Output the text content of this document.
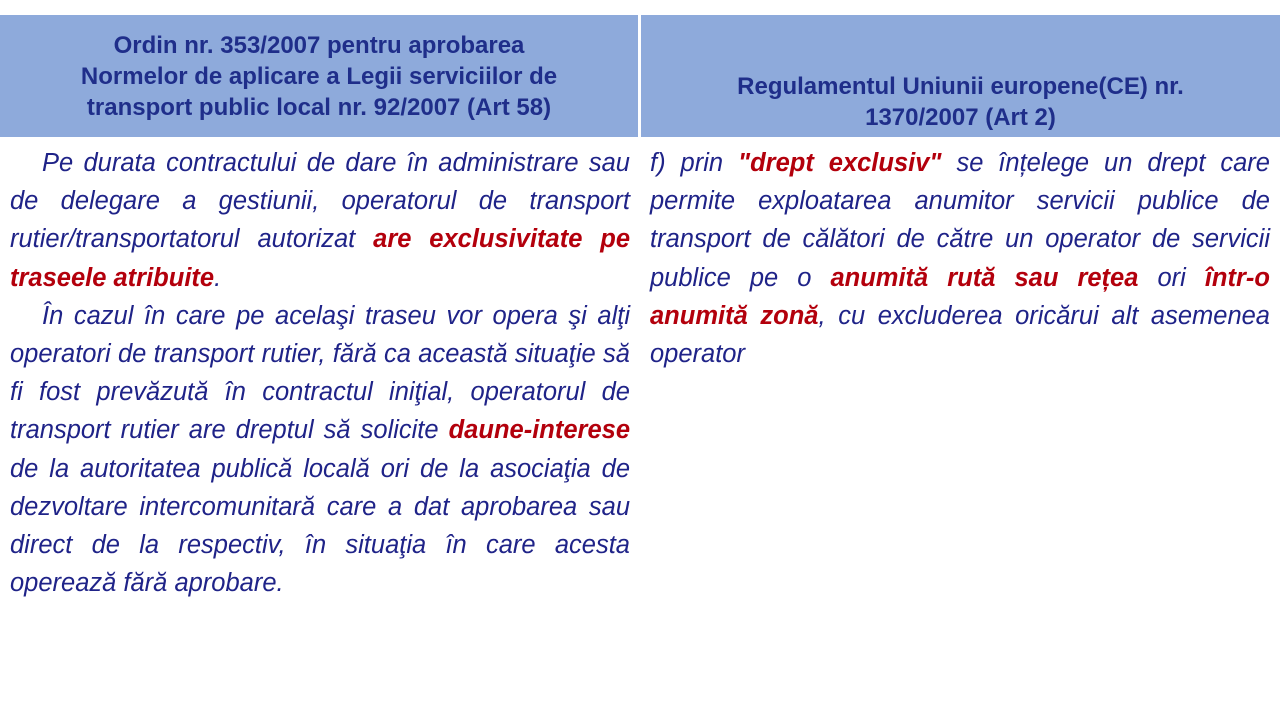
Ordin nr. 353/2007 pentru aprobarea
Normelor de aplicare a Legii serviciilor de
transport public local nr. 92/2007 (Art 58)
Regulamentul Uniunii europene(CE) nr.
1370/2007 (Art 2)

Pe durata contractului de dare în administrare sau de delegare a gestiunii, operatorul de transport rutier/transportatorul autorizat are exclusivitate pe traseele atribuite.

În cazul în care pe acelaşi traseu vor opera şi alţi operatori de transport rutier, fără ca această situaţie să fi fost prevăzută în contractul iniţial, operatorul de transport rutier are dreptul să solicite daune-interese de la autoritatea publică locală ori de la asociaţia de dezvoltare intercomunitară care a dat aprobarea sau direct de la respectiv, în situaţia în care acesta operează fără aprobare.

f) prin "drept exclusiv" se înțelege un drept care permite exploatarea anumitor servicii publice de transport de călători de către un operator de servicii publice pe o anumită rută sau rețea ori într-o anumită zonă, cu excluderea oricărui alt asemenea operator
